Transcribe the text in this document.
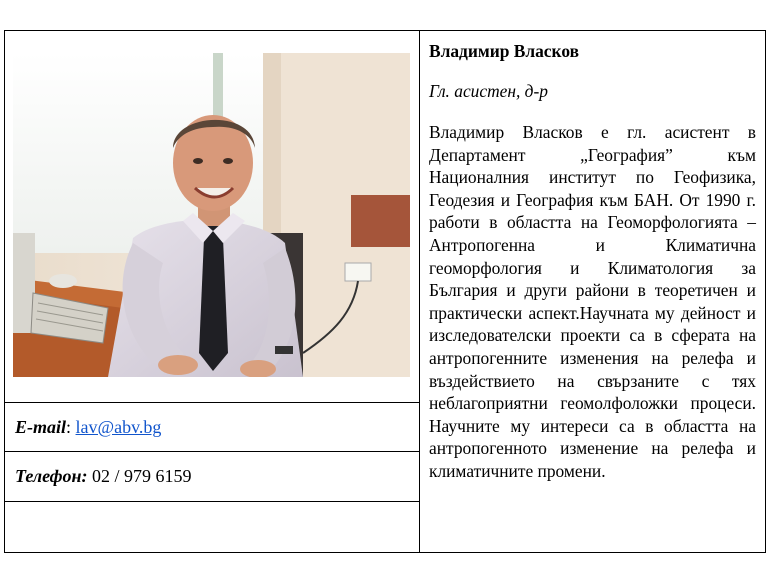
Владимир Власков

Гл. асистен, д-р

Владимир Власков е гл. асистент в Департамент „География” към Националния институт по Геофизика, Геодезия и География към БАН. От 1990 г. работи в областта на Геоморфологията – Антропогенна и Климатична геоморфология и Климатология за България и други райони в теоретичен и практически аспект.Научната му дейност и изследователски проекти са в сферата на антропогенните изменения на релефа и въздействието на свързаните с тях неблагоприятни геомолфоложки процеси. Научните му интереси са в областта на антропогенното изменение на релефа и климатичните промени.

E-mail: lav@abv.bg
Телефон: 02 / 979 6159
